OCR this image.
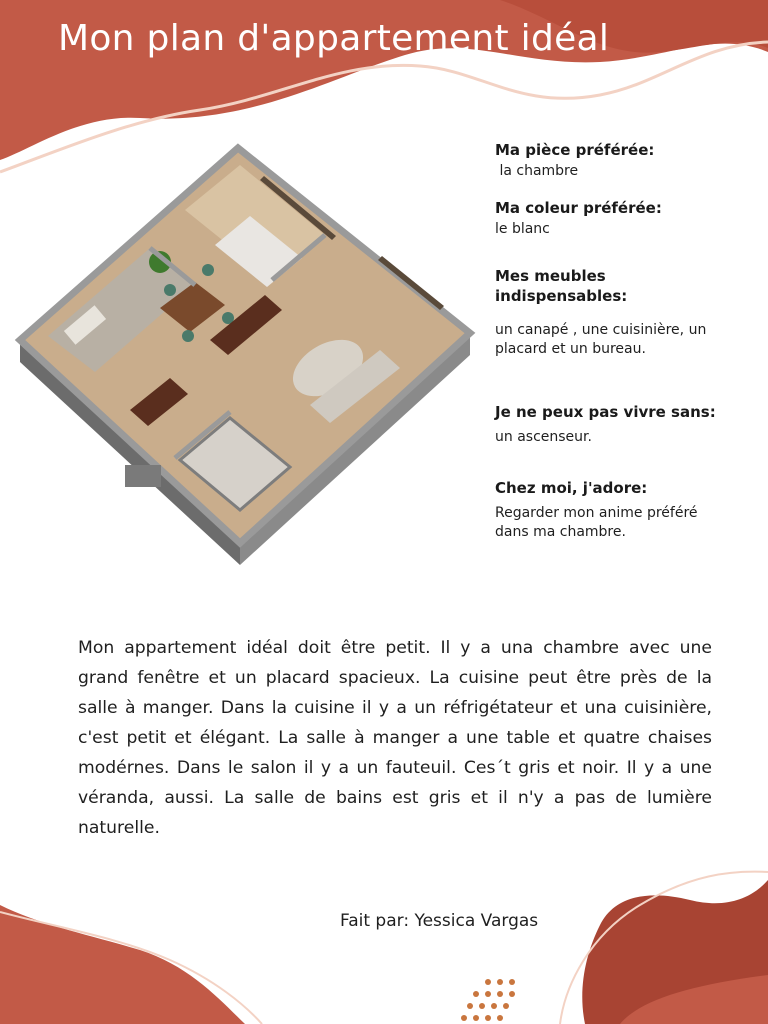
Mon plan d'appartement idéal
Ma pièce préférée:
la chambre
Ma coleur préférée:
le blanc
Mes meubles indispensables:
un canapé , une cuisinière, un placard et un bureau.
Je ne peux pas vivre sans:
un ascenseur.
Chez moi, j'adore:
Regarder mon anime préféré dans ma chambre.
Mon appartement idéal doit être petit. Il y a una chambre avec une grand fenêtre et un placard spacieux. La cuisine peut être près de la salle à manger. Dans la cuisine il y a un réfrigétateur et una cuisinière, c'est petit et élégant. La salle à manger a une table et quatre chaises modérnes. Dans le salon il y a un fauteuil. Ces´t gris et noir. Il y a une véranda, aussi. La salle de bains est gris et il n'y a pas de lumière naturelle.
Fait par: Yessica Vargas
